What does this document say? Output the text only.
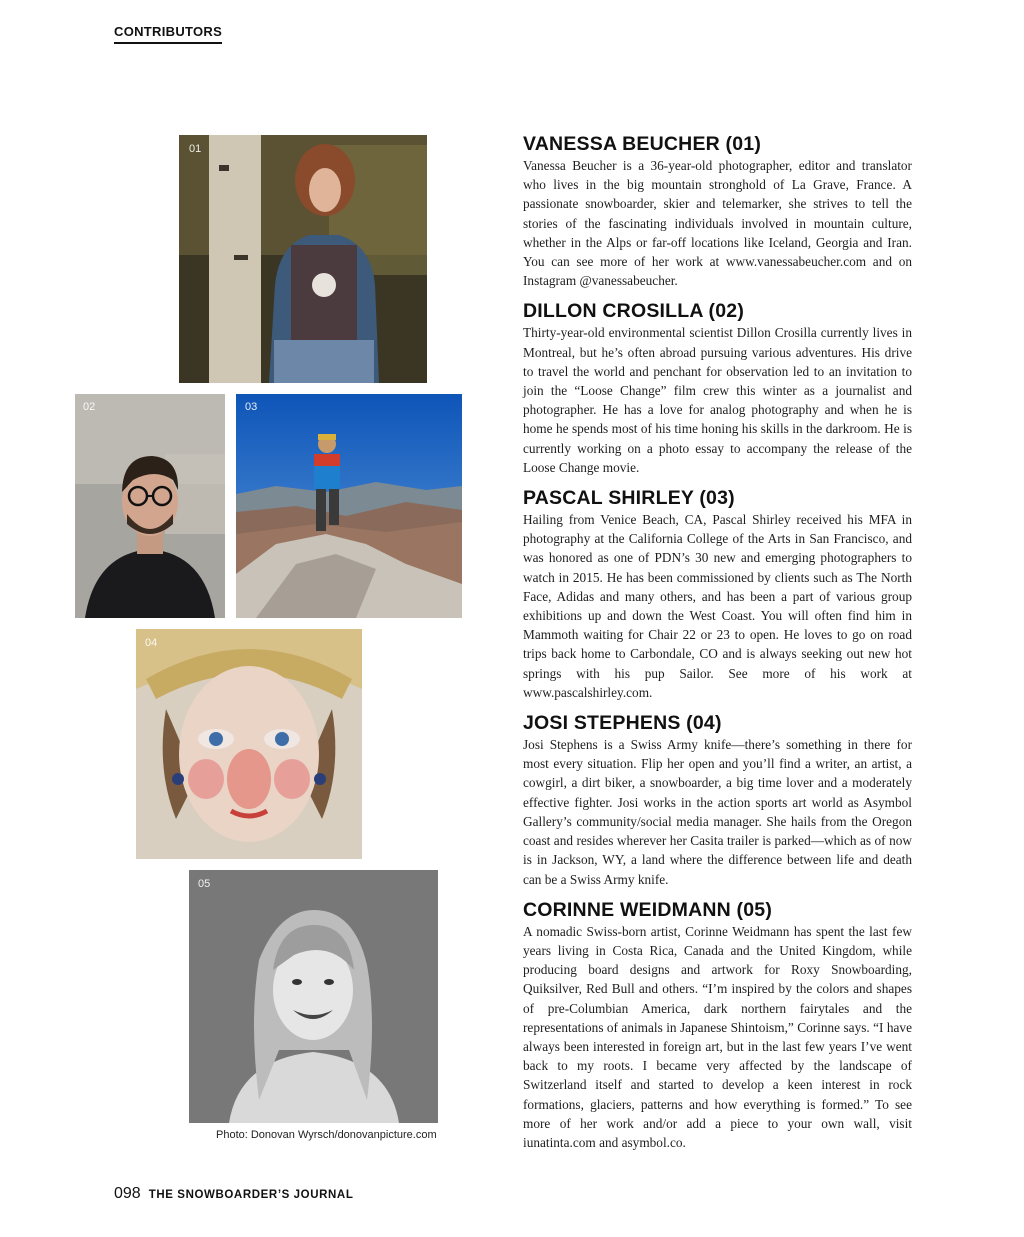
CONTRIBUTORS
01
02	03
04
05
Photo: Donovan Wyrsch/donovanpicture.com
VANESSA BEUCHER (01)

Vanessa Beucher is a 36-year-old photographer, editor and translator who lives in the big mountain stronghold of La Grave, France. A passionate snowboarder, skier and telemarker, she strives to tell the stories of the fascinating individuals involved in mountain culture, whether in the Alps or far-off locations like Iceland, Georgia and Iran. You can see more of her work at www.vanessabeucher.com and on Instagram @vanessabeucher.

DILLON CROSILLA (02)

Thirty-year-old environmental scientist Dillon Crosilla currently lives in Montreal, but he’s often abroad pursuing various adventures. His drive to travel the world and penchant for observation led to an invitation to join the “Loose Change” film crew this winter as a journalist and photographer. He has a love for analog photography and when he is home he spends most of his time honing his skills in the darkroom. He is currently working on a photo essay to accompany the release of the Loose Change movie.

PASCAL SHIRLEY (03)

Hailing from Venice Beach, CA, Pascal Shirley received his MFA in photography at the California College of the Arts in San Francisco, and was honored as one of PDN’s 30 new and emerging photographers to watch in 2015. He has been commissioned by clients such as The North Face, Adidas and many others, and has been a part of various group exhibitions up and down the West Coast. You will often find him in Mammoth waiting for Chair 22 or 23 to open. He loves to go on road trips back home to Carbondale, CO and is always seeking out new hot springs with his pup Sailor. See more of his work at www.pascalshirley.com.

JOSI STEPHENS (04)

Josi Stephens is a Swiss Army knife—there’s something in there for most every situation. Flip her open and you’ll find a writer, an artist, a cowgirl, a dirt biker, a snowboarder, a big time lover and a moderately effective fighter. Josi works in the action sports art world as Asymbol Gallery’s community/social media manager. She hails from the Oregon coast and resides wherever her Casita trailer is parked—which as of now is in Jackson, WY, a land where the difference between life and death can be a Swiss Army knife.

CORINNE WEIDMANN (05)

A nomadic Swiss-born artist, Corinne Weidmann has spent the last few years living in Costa Rica, Canada and the United Kingdom, while producing board designs and artwork for Roxy Snowboarding, Quiksilver, Red Bull and others. “I’m inspired by the colors and shapes of pre-Columbian America, dark northern fairytales and the representations of animals in Japanese Shintoism,” Corinne says. “I have always been interested in foreign art, but in the last few years I’ve went back to my roots. I became very affected by the landscape of Switzerland itself and started to develop a keen interest in rock formations, glaciers, patterns and how everything is formed.” To see more of her work and/or add a piece to your own wall, visit iunatinta.com and asymbol.co.

098 THE SNOWBOARDER’S JOURNAL
